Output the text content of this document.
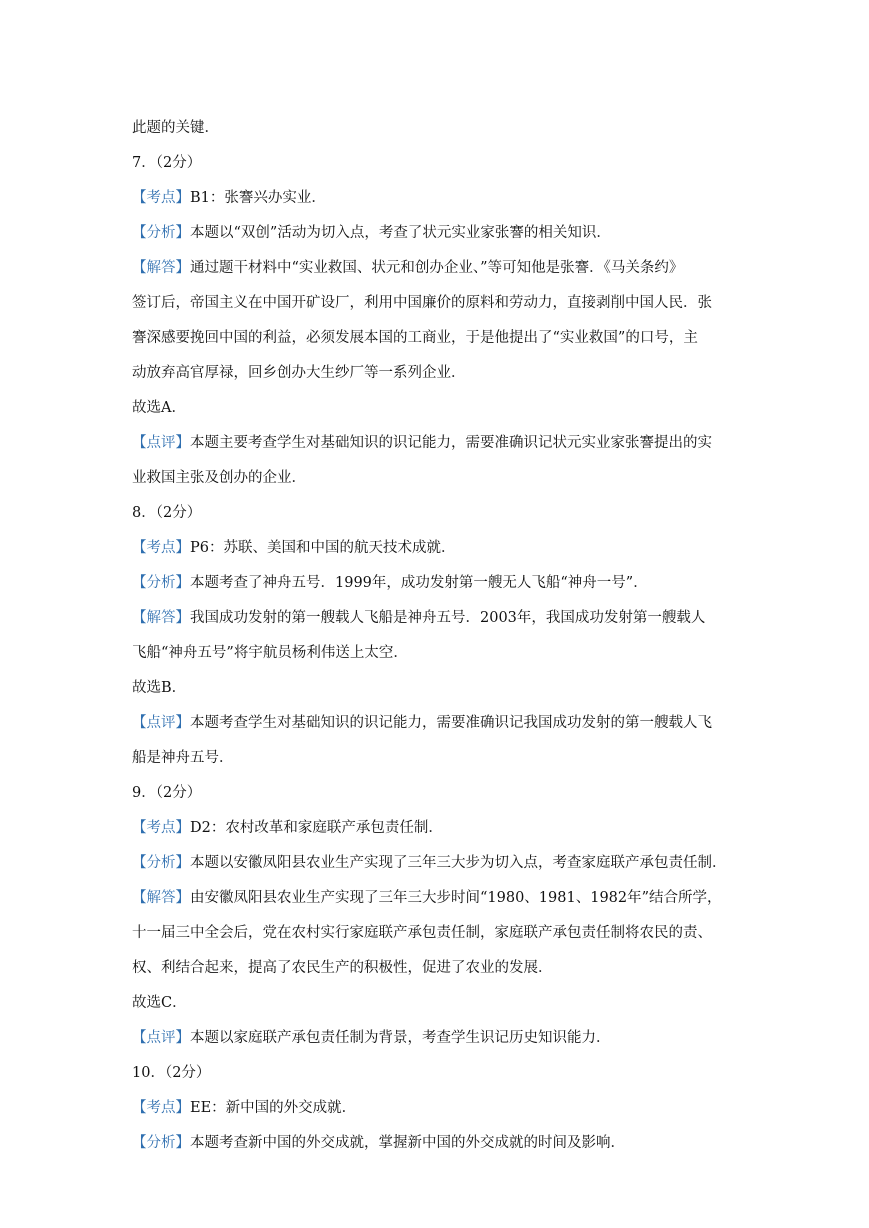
此题的关键．
7．（2分）
【考点】B1：张謇兴办实业．
【分析】本题以“双创”活动为切入点，考查了状元实业家张謇的相关知识．
【解答】通过题干材料中“实业救国、状元和创办企业、”等可知他是张謇．《马关条约》
签订后，帝国主义在中国开矿设厂，利用中国廉价的原料和劳动力，直接剥削中国人民．张
謇深感要挽回中国的利益，必须发展本国的工商业，于是他提出了“实业救国”的口号，主
动放弃高官厚禄，回乡创办大生纱厂等一系列企业．
故选A．
【点评】本题主要考查学生对基础知识的识记能力，需要准确识记状元实业家张謇提出的实
业救国主张及创办的企业．
8．（2分）
【考点】P6：苏联、美国和中国的航天技术成就．
【分析】本题考查了神舟五号．1999年，成功发射第一艘无人飞船“神舟一号”．
【解答】我国成功发射的第一艘载人飞船是神舟五号．2003年，我国成功发射第一艘载人
飞船“神舟五号”将宇航员杨利伟送上太空．
故选B．
【点评】本题考查学生对基础知识的识记能力，需要准确识记我国成功发射的第一艘载人飞
船是神舟五号．
9．（2分）
【考点】D2：农村改革和家庭联产承包责任制．
【分析】本题以安徽凤阳县农业生产实现了三年三大步为切入点，考查家庭联产承包责任制．
【解答】由安徽凤阳县农业生产实现了三年三大步时间“1980、1981、1982年”结合所学，
十一届三中全会后，党在农村实行家庭联产承包责任制，家庭联产承包责任制将农民的责、
权、利结合起来，提高了农民生产的积极性，促进了农业的发展．
故选C．
【点评】本题以家庭联产承包责任制为背景，考查学生识记历史知识能力．
10．（2分）
【考点】EE：新中国的外交成就．
【分析】本题考查新中国的外交成就，掌握新中国的外交成就的时间及影响．
